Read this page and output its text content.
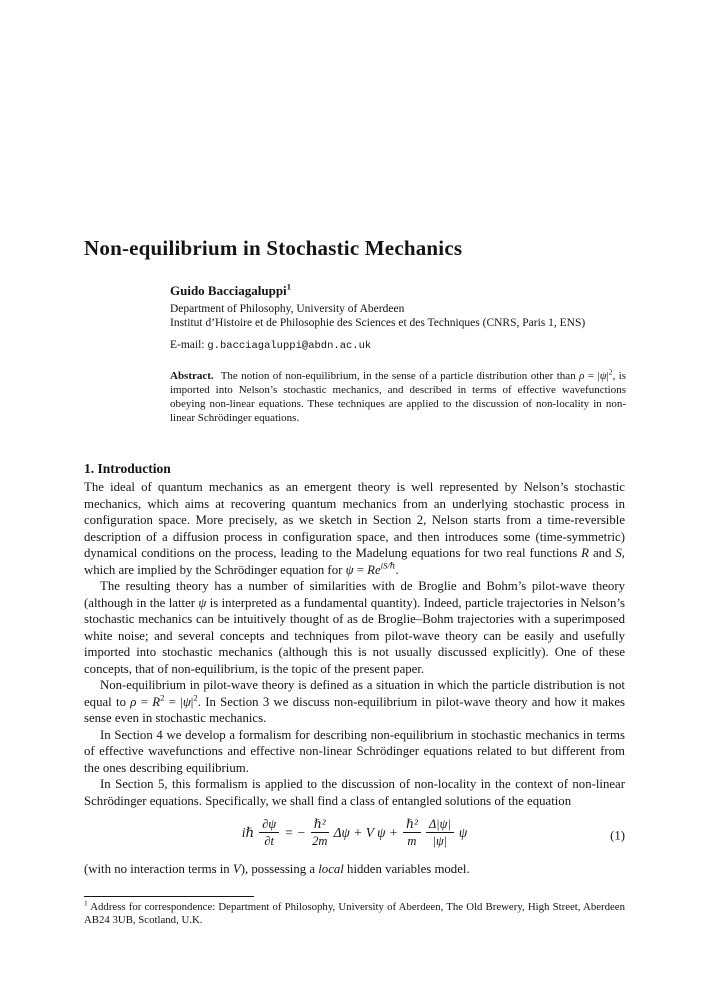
Non-equilibrium in Stochastic Mechanics
Guido Bacciagaluppi$^1$
Department of Philosophy, University of Aberdeen
Institut d’Histoire et de Philosophie des Sciences et des Techniques (CNRS, Paris 1, ENS)
E-mail: g.bacciagaluppi@abdn.ac.uk
Abstract. The notion of non-equilibrium, in the sense of a particle distribution other than $\rho = |\psi|^2$, is imported into Nelson’s stochastic mechanics, and described in terms of effective wavefunctions obeying non-linear equations. These techniques are applied to the discussion of non-locality in non-linear Schrödinger equations.
1. Introduction

The ideal of quantum mechanics as an emergent theory is well represented by Nelson’s stochastic mechanics, which aims at recovering quantum mechanics from an underlying stochastic process in configuration space. More precisely, as we sketch in Section 2, Nelson starts from a time-reversible description of a diffusion process in configuration space, and then introduces some (time-symmetric) dynamical conditions on the process, leading to the Madelung equations for two real functions R and S, which are implied by the Schrödinger equation for $\psi = Re^{iS/\hbar}$.

The resulting theory has a number of similarities with de Broglie and Bohm’s pilot-wave theory (although in the latter ψ is interpreted as a fundamental quantity). Indeed, particle trajectories in Nelson’s stochastic mechanics can be intuitively thought of as de Broglie–Bohm trajectories with a superimposed white noise; and several concepts and techniques from pilot-wave theory can be easily and usefully imported into stochastic mechanics (although this is not usually discussed explicitly). One of these concepts, that of non-equilibrium, is the topic of the present paper.

Non-equilibrium in pilot-wave theory is defined as a situation in which the particle distribution is not equal to $\rho = R^2 = |\psi|^2$. In Section 3 we discuss non-equilibrium in pilot-wave theory and how it makes sense even in stochastic mechanics.

In Section 4 we develop a formalism for describing non-equilibrium in stochastic mechanics in terms of effective wavefunctions and effective non-linear Schrödinger equations related to but different from the ones describing equilibrium.

In Section 5, this formalism is applied to the discussion of non-locality in the context of non-linear Schrödinger equations. Specifically, we shall find a class of entangled solutions of the equation

iℏ $\frac{\partial\psi}{\partial t}$ = − $\frac{\text{ℏ²}}{2m}$ Δψ + V $\psi + \frac{\text{ℏ²}}{m} \frac{\Delta|\psi|}{|\psi|}$ ψ	(1)

(with no interaction terms in V), possessing a local hidden variables model.

$^1$ Address for correspondence: Department of Philosophy, University of Aberdeen, The Old Brewery, High Street, Aberdeen AB24 3UB, Scotland, U.K.
